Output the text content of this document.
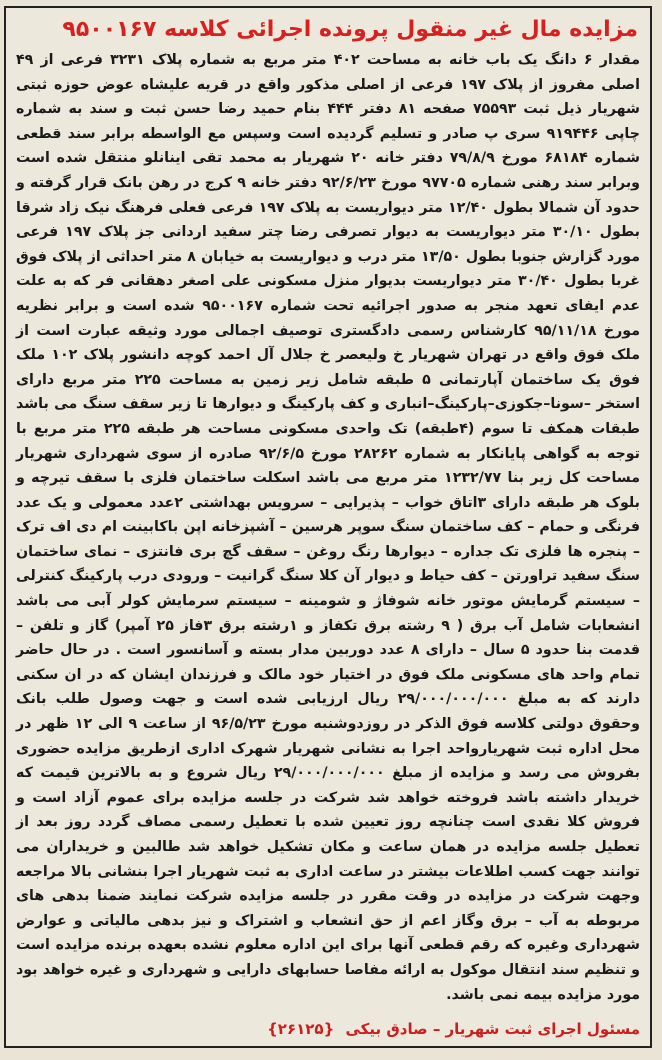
مزایده مال غیر منقول پرونده اجرائی کلاسه ۹۵۰۰۱۶۷

مقدار ۶ دانگ یک باب خانه به مساحت ۴۰۲ متر مربع به شماره پلاک ۳۲۳۱ فرعی از ۴۹ اصلی مفروز از پلاک ۱۹۷ فرعی از اصلی مذکور واقع در قریه علیشاه عوض حوزه ثبتی شهریار ذیل ثبت ۷۵۵۹۳ صفحه ۸۱ دفتر ۴۴۴ بنام حمید رضا حسن ثبت و سند به شماره چاپی ۹۱۹۴۴۶ سری پ صادر و تسلیم گردیده است وسپس مع الواسطه برابر سند قطعی شماره ۶۸۱۸۴ مورخ ۷۹/۸/۹ دفتر خانه ۲۰ شهریار به محمد تقی اینانلو منتقل شده است وبرابر سند رهنی شماره ۹۷۷۰۵ مورخ ۹۲/۶/۲۳ دفتر خانه ۹ کرج در رهن بانک قرار گرفته و حدود آن شمالا بطول ۱۲/۴۰ متر دیواریست به پلاک ۱۹۷ فرعی فعلی فرهنگ نیک زاد شرقا بطول ۳۰/۱۰ متر دیواریست به دیوار تصرفی رضا چتر سفید اردانی جز پلاک ۱۹۷ فرعی مورد گزارش جنوبا بطول ۱۳/۵۰ متر درب و دیواریست به خیابان ۸ متر احداثی از پلاک فوق غربا بطول ۳۰/۴۰ متر دیواریست بدیوار منزل مسکونی علی اصغر دهقانی فر که به علت عدم ایفای تعهد منجر به صدور اجرائیه تحت شماره ۹۵۰۰۱۶۷ شده است و برابر نظریه مورخ ۹۵/۱۱/۱۸ کارشناس رسمی دادگستری توصیف اجمالی مورد وثیقه عبارت است از ملک فوق واقع در تهران شهریار خ ولیعصر خ جلال آل احمد کوچه دانشور پلاک ۱۰۲ ملک فوق یک ساختمان آپارتمانی ۵ طبقه شامل زیر زمین به مساحت ۲۲۵ متر مربع دارای استخر –سونا–جکوزی–پارکینگ–انباری و کف پارکینگ و دیوارها تا زیر سقف سنگ می باشد طبقات همکف تا سوم (۴طبقه) تک واحدی مسکونی مساحت هر طبقه ۲۲۵ متر مربع با توجه به گواهی پایانکار به شماره ۲۸۲۶۲ مورخ ۹۲/۶/۵ صادره از سوی شهرداری شهریار مساحت کل زیر بنا ۱۲۳۲/۷۷ متر مربع می باشد اسکلت ساختمان فلزی با سقف تیرچه و بلوک هر طبقه دارای ۳اتاق خواب – پذیرایی – سرویس بهداشتی ۲عدد معمولی و یک عدد فرنگی و حمام – کف ساختمان سنگ سوپر هرسین – آشپزخانه اپن باکابینت ام دی اف ترک – پنجره ها فلزی تک جداره – دیوارها رنگ روغن – سقف گچ بری فانتزی – نمای ساختمان سنگ سفید تراورتن – کف حیاط و دیوار آن کلا سنگ گرانیت – ورودی درب پارکینگ کنترلی – سیستم گرمایش موتور خانه شوفاژ و شومینه – سیستم سرمایش کولر آبی می باشد انشعابات شامل آب برق ( ۹ رشته برق تکفاز و ۱رشته برق ۳فاز ۲۵ آمپر) گاز و تلفن –قدمت بنا حدود ۵ سال – دارای ۸ عدد دوربین مدار بسته و آسانسور است . در حال حاضر تمام واحد های مسکونی ملک فوق در اختیار خود مالک و فرزندان ایشان که در ان سکنی دارند که به مبلغ ۲۹/۰۰۰/۰۰۰/۰۰۰ ریال ارزیابی شده است و جهت وصول طلب بانک وحقوق دولتی کلاسه فوق الذکر در روزدوشنبه مورخ ۹۶/۵/۲۳ از ساعت ۹ الی ۱۲ ظهر در محل اداره ثبت شهریارواحد اجرا به نشانی شهریار شهرک اداری ازطریق مزایده حضوری بفروش می رسد و مزایده از مبلغ ۲۹/۰۰۰/۰۰۰/۰۰۰ ریال شروع و به بالاترین قیمت که خریدار داشته باشد فروخته خواهد شد شرکت در جلسه مزایده برای عموم آزاد است و فروش کلا نقدی است چنانچه روز تعیین شده با تعطیل رسمی مصاف گردد روز بعد از تعطیل جلسه مزایده در همان ساعت و مکان تشکیل خواهد شد طالبین و خریداران می توانند جهت کسب اطلاعات بیشتر در ساعت اداری به ثبت شهریار اجرا بنشانی بالا مراجعه وجهت شرکت در مزایده در وقت مقرر در جلسه مزایده شرکت نمایند ضمنا بدهی های مربوطه به آب – برق وگاز اعم از حق انشعاب و اشتراک و نیز بدهی مالیاتی و عوارض شهرداری وغیره که رقم قطعی آنها برای این اداره معلوم نشده بعهده برنده مزایده است و تنظیم سند انتقال موکول به ارائه مفاصا حسابهای دارایی و شهرداری و غیره خواهد بود مورد مزایده بیمه نمی باشد.

مسئول اجرای ثبت شهریار – صادق بیکی {۲۶۱۲۵}
